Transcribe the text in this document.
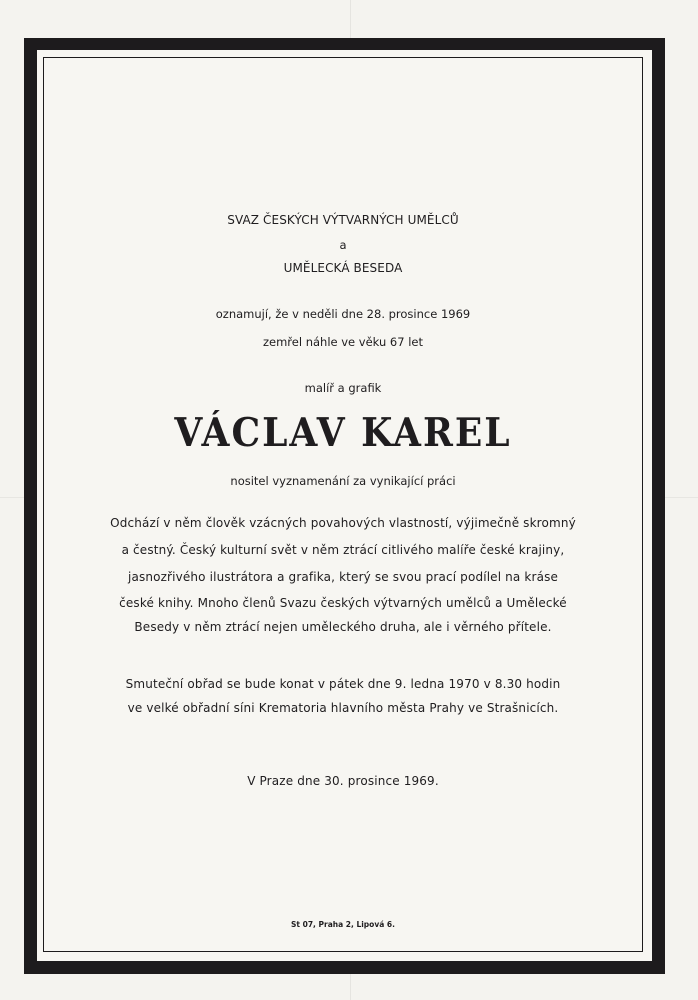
SVAZ ČESKÝCH VÝTVARNÝCH UMĚLCŮ
a
UMĚLECKÁ BESEDA
oznamují, že v neděli dne 28. prosince 1969
zemřel náhle ve věku 67 let
malíř a grafik
VÁCLAV KAREL
nositel vyznamenání za vynikající práci
Odchází v něm člověk vzácných povahových vlastností, výjimečně skromný
a čestný. Český kulturní svět v něm ztrácí citlivého malíře české krajiny,
jasnozřivého ilustrátora a grafika, který se svou prací podílel na kráse
české knihy. Mnoho členů Svazu českých výtvarných umělců a Umělecké
Besedy v něm ztrácí nejen uměleckého druha, ale i věrného přítele.
Smuteční obřad se bude konat v pátek dne 9. ledna 1970 v 8.30 hodin
ve velké obřadní síni Krematoria hlavního města Prahy ve Strašnicích.
V Praze dne 30. prosince 1969.
St 07, Praha 2, Lipová 6.
